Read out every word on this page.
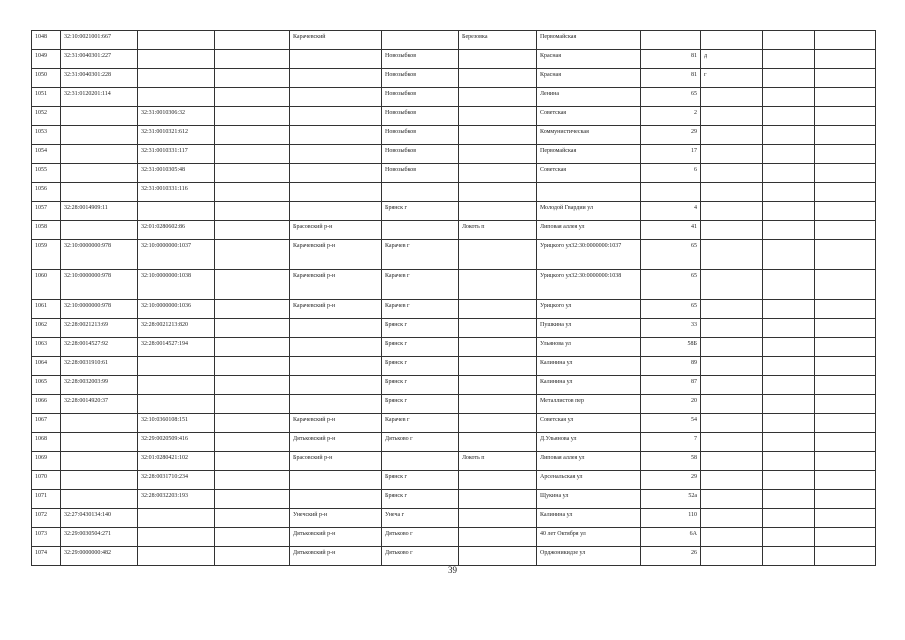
1048	32:10:0021001:667			Карачевский		Березовка	Первомайская				
1049	32:31:0040301:227				Новозыбков		Красная	81	д		
1050	32:31:0040301:228				Новозыбков		Красная	81	г		
1051	32:31:0120201:114				Новозыбков		Ленина	65			
1052		32:31:0010306:32			Новозыбков		Советская	2			
1053		32:31:0010321:612			Новозыбков		Коммунистическая	29			
1054		32:31:0010331:117			Новозыбков		Первомайская	17			
1055		32:31:0010305:48			Новозыбков		Советская	6			
1056		32:31:0010331:116									
1057	32:28:0014909:11				Брянск г		Молодой Гвардии ул	4			
1058		32:01:0280602:86		Брасовский р-н		Локоть п	Липовая аллея ул	41			
1059	32:10:0000000:978	32:10:0000000:1037		Карачевский р-н	Карачев г		Урицкого ул32:30:0000000:1037	65			
1060	32:10:0000000:978	32:10:0000000:1038		Карачевский р-н	Карачев г		Урицкого ул32:30:0000000:1038	65			
1061	32:10:0000000:978	32:10:0000000:1036		Карачевский р-н	Карачев г		Урицкого ул	65			
1062	32:28:0021213:69	32:28:0021213:820			Брянск г		Пушкина ул	33			
1063	32:28:0014527:92	32:28:0014527:194			Брянск г		Ульянова ул	58Б			
1064	32:28:0031910:61				Брянск г		Калинина ул	89			
1065	32:28:0032003:99				Брянск г		Калинина ул	87			
1066	32:28:0014920:37				Брянск г		Металлистов пер	20			
1067		32:10:0360108:151		Карачевский р-н	Карачев г		Советская ул	54			
1068		32:29:0020509:416		Дятьковский р-н	Дятьково г		Д.Ульянова ул	7			
1069		32:01:0280421:102		Брасовский р-н		Локоть п	Липовая аллея ул	58			
1070		32:28:0031710:234			Брянск г		Арсенальская ул	29			
1071		32:28:0032203:193			Брянск г		Щукина ул	52а			
1072	32:27:0430134:140			Унечский р-н	Унеча г		Калинина ул	110			
1073	32:29:0030504:271			Дятьковский р-н	Дятьково г		40 лет Октября ул	6А			
1074	32:29:0000000:482			Дятьковский р-н	Дятьково г		Орджоникидзе ул	26			
39
